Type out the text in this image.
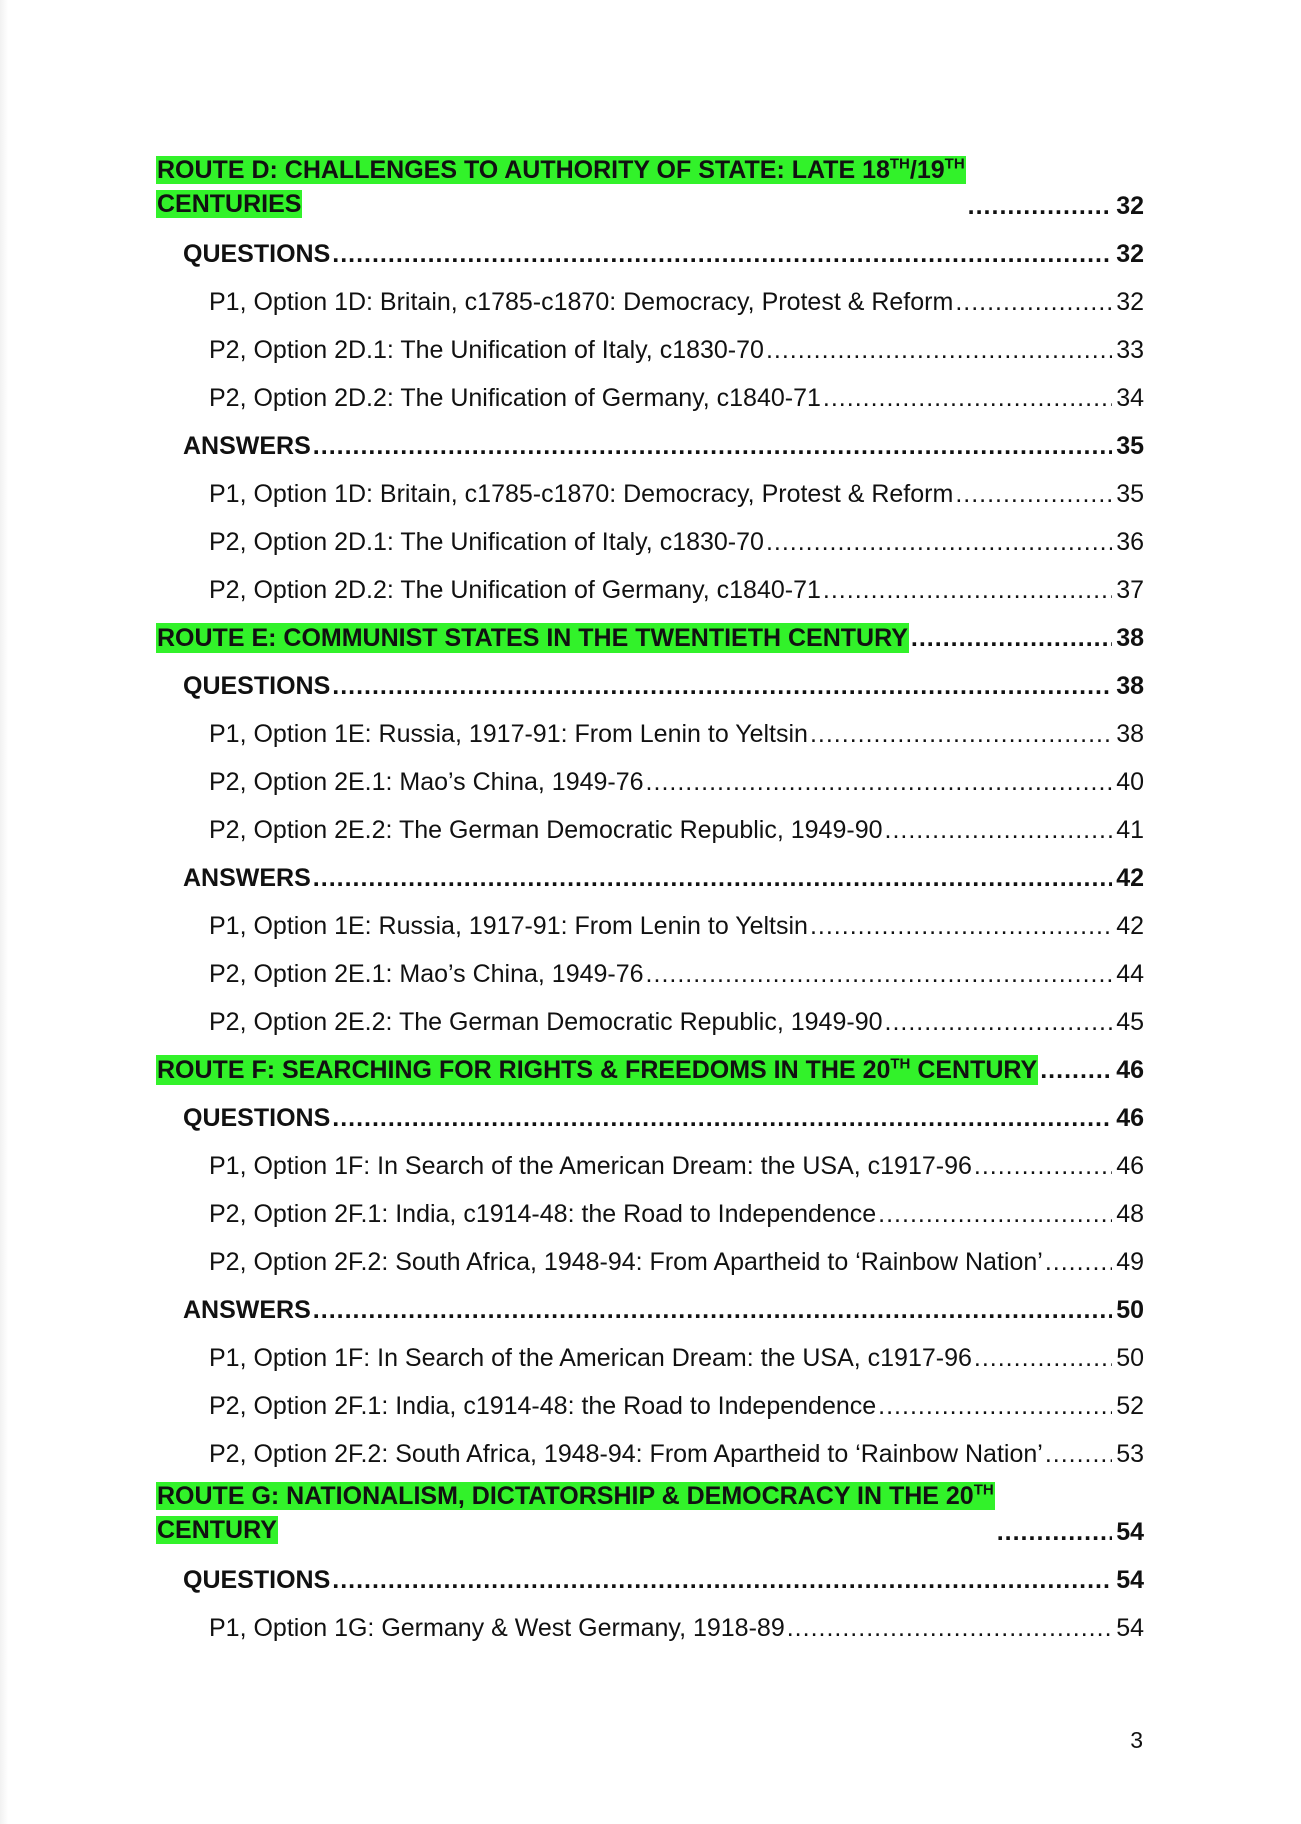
ROUTE D: CHALLENGES TO AUTHORITY OF STATE: LATE 18TH/19TH
CENTURIES .....	32
QUESTIONS .....	32
P1, Option 1D: Britain, c1785-c1870: Democracy, Protest & Reform .....	32
P2, Option 2D.1: The Unification of Italy, c1830-70 .....	33
P2, Option 2D.2: The Unification of Germany, c1840-71 .....	34
ANSWERS .....	35
P1, Option 1D: Britain, c1785-c1870: Democracy, Protest & Reform .....	35
P2, Option 2D.1: The Unification of Italy, c1830-70 .....	36
P2, Option 2D.2: The Unification of Germany, c1840-71 .....	37
ROUTE E: COMMUNIST STATES IN THE TWENTIETH CENTURY .....	38
QUESTIONS .....	38
P1, Option 1E: Russia, 1917-91: From Lenin to Yeltsin .....	38
P2, Option 2E.1: Mao’s China, 1949-76 .....	40
P2, Option 2E.2: The German Democratic Republic, 1949-90 .....	41
ANSWERS .....	42
P1, Option 1E: Russia, 1917-91: From Lenin to Yeltsin .....	42
P2, Option 2E.1: Mao’s China, 1949-76 .....	44
P2, Option 2E.2: The German Democratic Republic, 1949-90 .....	45
ROUTE F: SEARCHING FOR RIGHTS & FREEDOMS IN THE 20TH CENTURY .....	46
QUESTIONS .....	46
P1, Option 1F: In Search of the American Dream: the USA, c1917-96 .....	46
P2, Option 2F.1: India, c1914-48: the Road to Independence .....	48
P2, Option 2F.2: South Africa, 1948-94: From Apartheid to ‘Rainbow Nation’ .....	49
ANSWERS .....	50
P1, Option 1F: In Search of the American Dream: the USA, c1917-96 .....	50
P2, Option 2F.1: India, c1914-48: the Road to Independence .....	52
P2, Option 2F.2: South Africa, 1948-94: From Apartheid to ‘Rainbow Nation’ .....	53
ROUTE G: NATIONALISM, DICTATORSHIP & DEMOCRACY IN THE 20TH
CENTURY .....	54
QUESTIONS .....	54
P1, Option 1G: Germany & West Germany, 1918-89 .....	54
3
